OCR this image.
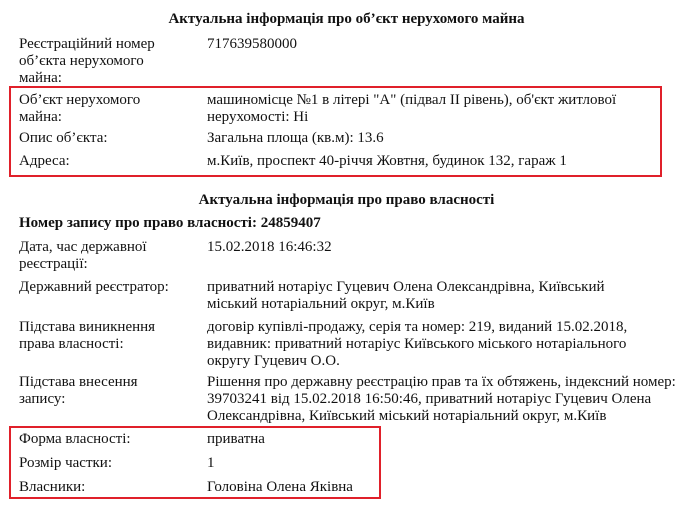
Актуальна інформація про об’єкт нерухомого майна
Реєстраційний номер об’єкта нерухомого майна:
717639580000
Об’єкт нерухомого майна:
машиномісце №1 в літері "А" (підвал ІІ рівень), об'єкт житлової нерухомості: Ні
Опис об’єкта:	Загальна площа (кв.м): 13.6
Адреса:	м.Київ, проспект 40-річчя Жовтня, будинок 132, гараж 1
Актуальна інформація про право власності
Номер запису про право власності: 24859407
Дата, час державної реєстрації:
15.02.2018 16:46:32
Державний реєстратор:	приватний нотаріус Гуцевич Олена Олександрівна, Київський міський нотаріальний округ, м.Київ
Підстава виникнення права власності:
договір купівлі-продажу, серія та номер: 219, виданий 15.02.2018, видавник: приватний нотаріус Київського міського нотаріального округу Гуцевич О.О.
Підстава внесення запису:
Рішення про державну реєстрацію прав та їх обтяжень, індексний номер: 39703241 від 15.02.2018 16:50:46, приватний нотаріус Гуцевич Олена Олександрівна, Київський міський нотаріальний округ, м.Київ
Форма власності:	приватна
Розмір частки:	1
Власники:	Головіна Олена Яківна
